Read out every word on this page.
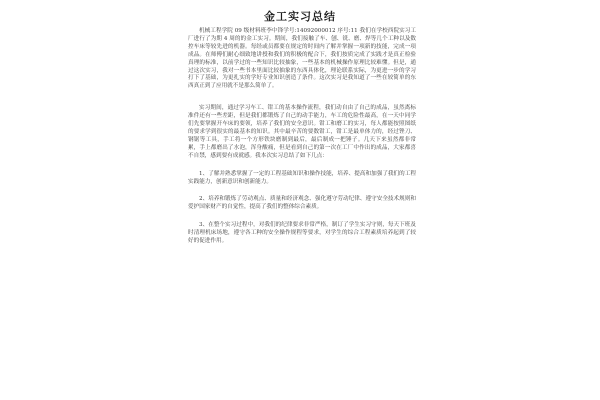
金工实习总结

机械工程学院 09 级材料班李中锋学号:14092000012 序号:11 我们在学校西院实习工厂进行了为期 4 周的的金工实习。期间，我们接触了车、刨、铣、磨、焊等几个工种以及数控车床等较先进的机器。每经或员都要在规定的时间内了解并掌握一项新的技能，完成一项成品。在师傅们耐心细致地讲授和我们的积极的配合下，我们按质完成了实践才是真正检验真理的标准，以前学过的一些知识比较抽象，一些基本的机械操作原理比较难懂。但是，通过这次实习，我对一些书本里面比较抽象的东西具体化，理论联系实际，为更进一步的学习打下了基础，为更扎实的学好专业知识创造了条件。这次实习是我知道了一些在较简单的东西真正到了应用就不是那么简单了。

实习期间，通过学习车工、钳工的基本操作流程，我们动自由了自己的成品，虽然离标准件还有一些差距，但是我们都锻炼了自己的动手能力，车工的危险性最高，在一天中同学们先要掌握开车床的要领，培养了我们的安全意识。钳工和磨工的实习，每人都能按照图纸的要求学到很实的最基本的知识。其中最辛苦的要数钳工，钳工是最单体力的，经过锉刀、钢锯等工具，手工将一个方形铁块磨制到最后，最后制成一把锤子。几天下来虽然都非常累，手上都磨出了水泡，浑身酸痛，但是看到自己的第一次在工厂中作出的成品，大家都喜不自禁，感到要有成就感。我本次实习总结了如下几点：

1、了解并熟悉掌握了一定的工程基础知识和操作技能，培养、提高和加强了我们的工程实践能力，创新意识和创新能力。

2、培养和锻炼了劳动观点、质量和经济观念、强化遵守劳动纪律、遵守安全技术规则和爱护国家财产的自觉性，提高了我们的整体综合素质。

3、在整个实习过程中，对我们的纪律要求非常严格，制订了学生实习守则，每天下班及时清理机床场地，遵守各工种的安全操作规程等要求，对学生的综合工程素质培养起到了较好的促进作用。
